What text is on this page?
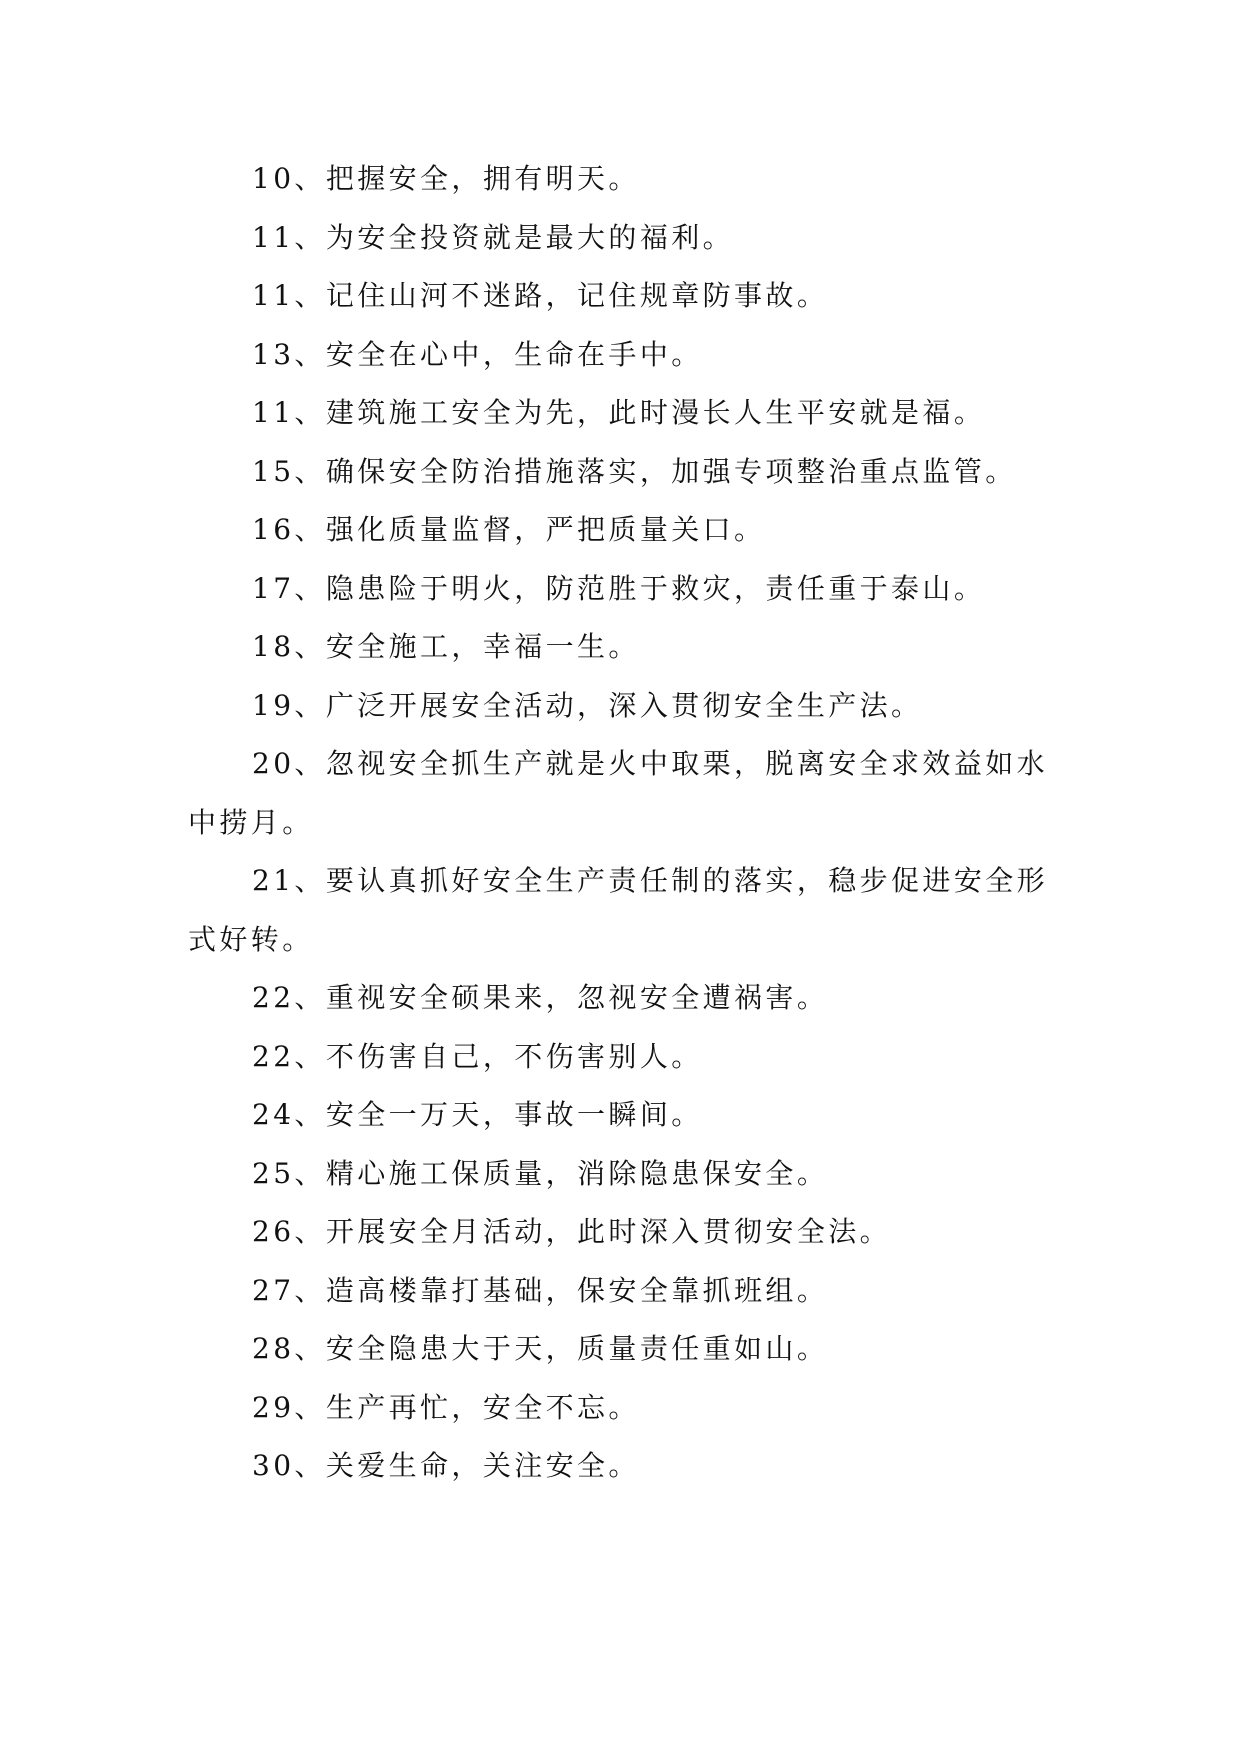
10、把握安全，拥有明天。

11、为安全投资就是最大的福利。

11、记住山河不迷路，记住规章防事故。

13、安全在心中，生命在手中。

11、建筑施工安全为先，此时漫长人生平安就是福。

15、确保安全防治措施落实，加强专项整治重点监管。

16、强化质量监督，严把质量关口。

17、隐患险于明火，防范胜于救灾，责任重于泰山。

18、安全施工，幸福一生。

19、广泛开展安全活动，深入贯彻安全生产法。

20、忽视安全抓生产就是火中取栗，脱离安全求效益如水中捞月。

21、要认真抓好安全生产责任制的落实，稳步促进安全形式好转。

22、重视安全硕果来，忽视安全遭祸害。

22、不伤害自己，不伤害别人。

24、安全一万天，事故一瞬间。

25、精心施工保质量，消除隐患保安全。

26、开展安全月活动，此时深入贯彻安全法。

27、造高楼靠打基础，保安全靠抓班组。

28、安全隐患大于天，质量责任重如山。

29、生产再忙，安全不忘。

30、关爱生命，关注安全。
